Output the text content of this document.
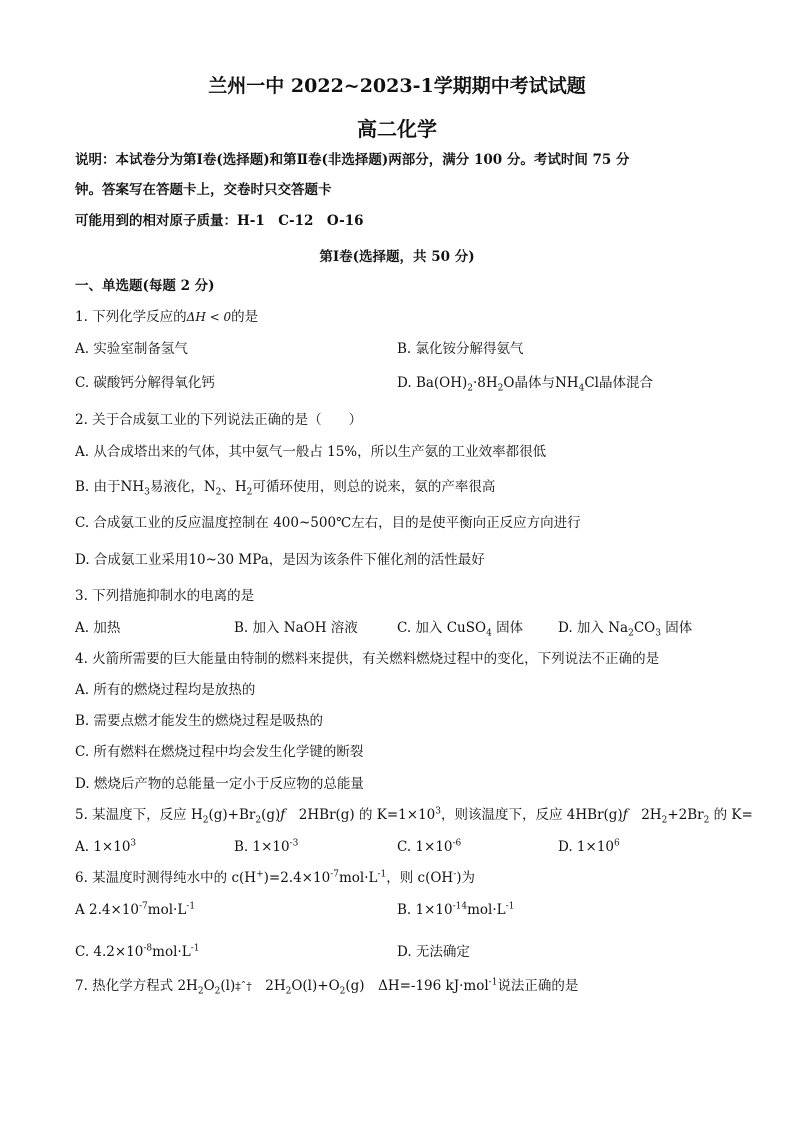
兰州一中 2022~2023-1学期期中考试试题
高二化学
说明：本试卷分为第Ⅰ卷(选择题)和第Ⅱ卷(非选择题)两部分，满分 100 分。考试时间 75 分
钟。答案写在答题卡上，交卷时只交答题卡
可能用到的相对原子质量：H-1　C-12　O-16
第Ⅰ卷(选择题，共 50 分)
一、单选题(每题 2 分)
1. 下列化学反应的ΔH < 0的是
A. 实验室制备氢气	B. 氯化铵分解得氨气
C. 碳酸钙分解得氧化钙	D. $Ba(OH)_2\cdot 8H_2O$晶体与$NH_4Cl$晶体混合
2. 关于合成氨工业的下列说法正确的是（　　）
A. 从合成塔出来的气体，其中氨气一般占 15%，所以生产氨的工业效率都很低
B. 由于$NH_3$易液化，$N_2$、$H_2$可循环使用，则总的说来，氨的产率很高
C. 合成氨工业的反应温度控制在 400~500℃左右，目的是使平衡向正反应方向进行
D. 合成氨工业采用10~30 MPa，是因为该条件下催化剂的活性最好
3. 下列措施抑制水的电离的是
A. 加热	B. 加入 NaOH 溶液	C. 加入 CuSO$_4$ 固体	D. 加入 $Na_2CO_3$ 固体
4. 火箭所需要的巨大能量由特制的燃料来提供，有关燃料燃烧过程中的变化，下列说法不正确的是
A. 所有的燃烧过程均是放热的
B. 需要点燃才能发生的燃烧过程是吸热的
C. 所有燃料在燃烧过程中均会发生化学键的断裂
D. 燃烧后产物的总能量一定小于反应物的总能量
5. 某温度下，反应 $H_2(g)+Br_2(g)ƒ$　2HBr(g) 的 $K=1\times 10^3$，则该温度下，反应 4HBr(g)ƒ　$2H_2+2Br_2$ 的 K=
A. $1\times 10^3$	B. $1\times 10^{-3}$	C. $1\times 10^{-6}$	D. $1\times 10^6$
6. 某温度时测得纯水中的 $c(H^+)=2.4\times 10^{-7}mol\cdot L^{-1}$，则 c(OH-)为
A $2.4\times 10^{-7}mol\cdot L^{-1}$	B. $1\times 10^{-14}mol\cdot L^{-1}$
C. $4.2\times 10^{-8}mol\cdot L^{-1}$	D. 无法确定
7. 热化学方程式 $2H_2O_2(l)\ddagger ˆ\dagger$　$2H_2O(l)+O_2(g)$　ΔH=-196 kJ·mol$^{-1}$说法正确的是
